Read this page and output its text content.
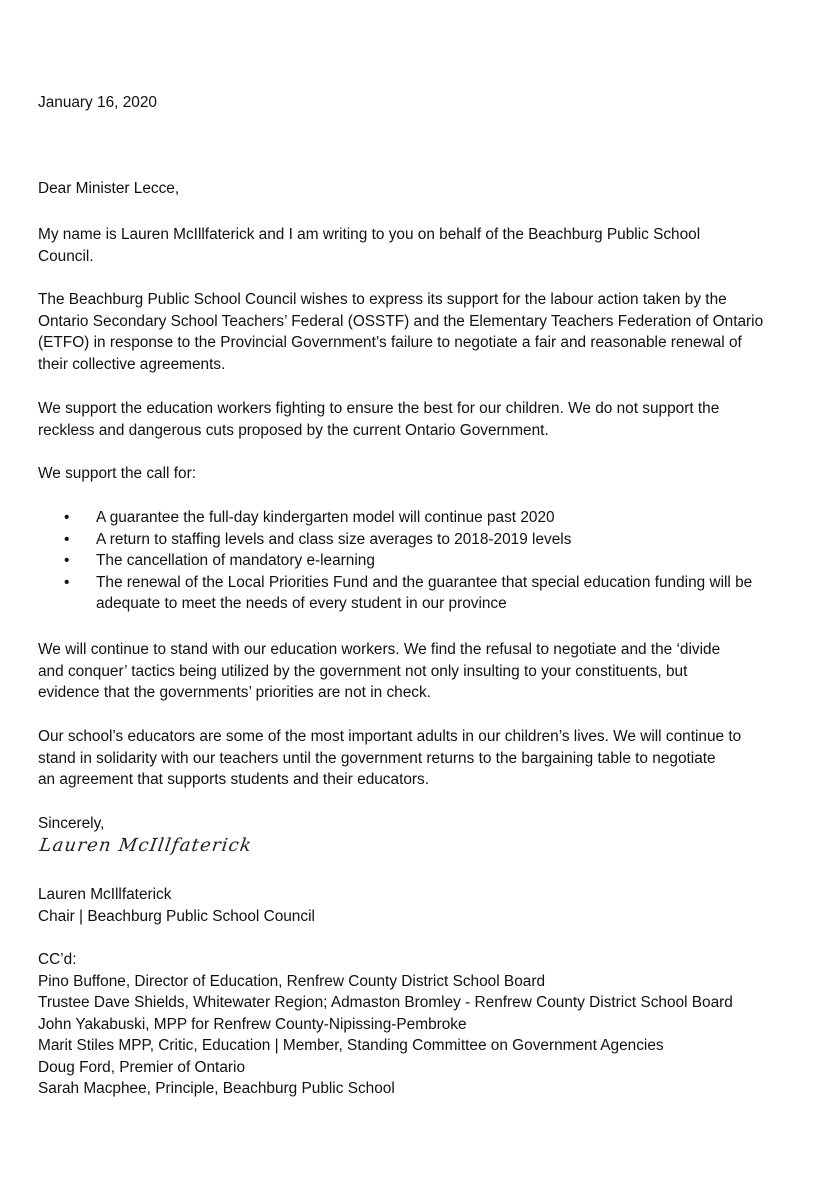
January 16, 2020

Dear Minister Lecce,

My name is Lauren McIllfaterick and I am writing to you on behalf of the Beachburg Public School
Council.

The Beachburg Public School Council wishes to express its support for the labour action taken by the
Ontario Secondary School Teachers’ Federal (OSSTF) and the Elementary Teachers Federation of Ontario
(ETFO) in response to the Provincial Government’s failure to negotiate a fair and reasonable renewal of
their collective agreements.

We support the education workers fighting to ensure the best for our children. We do not support the
reckless and dangerous cuts proposed by the current Ontario Government.

We support the call for:

• A guarantee the full-day kindergarten model will continue past 2020
• A return to staffing levels and class size averages to 2018-2019 levels
• The cancellation of mandatory e-learning
• The renewal of the Local Priorities Fund and the guarantee that special education funding will be
adequate to meet the needs of every student in our province

We will continue to stand with our education workers. We find the refusal to negotiate and the ‘divide
and conquer’ tactics being utilized by the government not only insulting to your constituents, but
evidence that the governments’ priorities are not in check.

Our school’s educators are some of the most important adults in our children’s lives. We will continue to
stand in solidarity with our teachers until the government returns to the bargaining table to negotiate
an agreement that supports students and their educators.

Sincerely,

Lauren McIllfaterick

Lauren McIllfaterick
Chair | Beachburg Public School Council

CC’d:
Pino Buffone, Director of Education, Renfrew County District School Board
Trustee Dave Shields, Whitewater Region; Admaston Bromley - Renfrew County District School Board
John Yakabuski, MPP for Renfrew County-Nipissing-Pembroke
Marit Stiles MPP, Critic, Education | Member, Standing Committee on Government Agencies
Doug Ford, Premier of Ontario
Sarah Macphee, Principle, Beachburg Public School
